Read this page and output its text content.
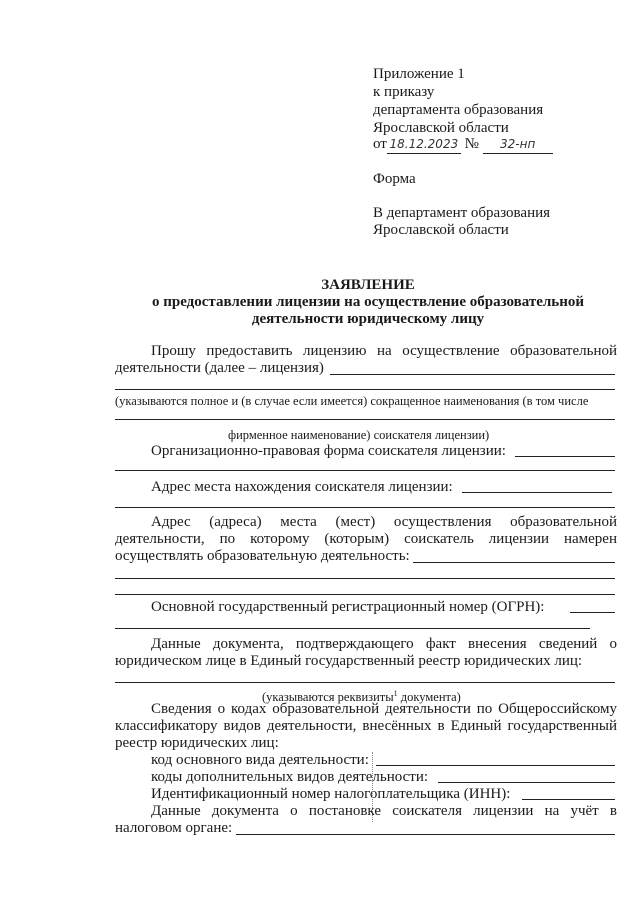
Приложение 1
к приказу
департамента образования
Ярославской области
от 18.12.2023 № 32-нп
Форма
В департамент образования
Ярославской области
ЗАЯВЛЕНИЕ
о предоставлении лицензии на осуществление образовательной
деятельности юридическому лицу
Прошу предоставить лицензию на осуществление образовательной
деятельности (далее – лицензия)
(указываются полное и (в случае если имеется) сокращенное наименования (в том числе
фирменное наименование) соискателя лицензии)
Организационно-правовая форма соискателя лицензии:
Адрес места нахождения соискателя лицензии:
Адрес (адреса) места (мест) осуществления образовательной
деятельности, по которому (которым) соискатель лицензии намерен
осуществлять образовательную деятельность:
Основной государственный регистрационный номер (ОГРН):
Данные документа, подтверждающего факт внесения сведений о
юридическом лице в Единый государственный реестр юридических лиц:
(указываются реквизиты$^1$ документа)
Сведения о кодах образовательной деятельности по Общероссийскому
классификатору видов деятельности, внесённых в Единый государственный
реестр юридических лиц:
код основного вида деятельности:
коды дополнительных видов деятельности:
Идентификационный номер налогоплательщика (ИНН):
Данные документа о постановке соискателя лицензии на учёт в
налоговом органе:
